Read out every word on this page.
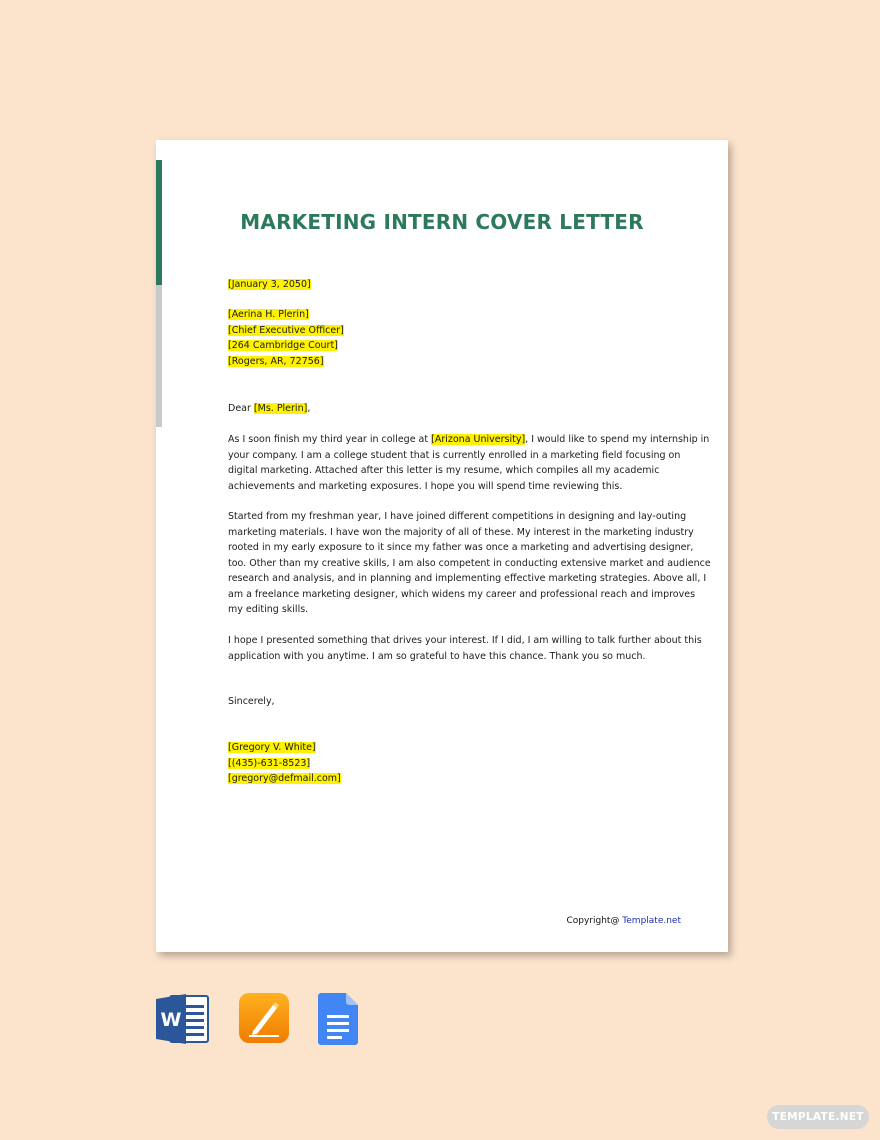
MARKETING INTERN COVER LETTER
[January 3, 2050]
[Aerina H. Plerin]
[Chief Executive Officer]
[264 Cambridge Court]
[Rogers, AR, 72756]
Dear [Ms. Plerin],
As I soon finish my third year in college at [Arizona University], I would like to spend my internship in
your company. I am a college student that is currently enrolled in a marketing field focusing on
digital marketing. Attached after this letter is my resume, which compiles all my academic
achievements and marketing exposures. I hope you will spend time reviewing this.
Started from my freshman year, I have joined different competitions in designing and lay-outing
marketing materials. I have won the majority of all of these. My interest in the marketing industry
rooted in my early exposure to it since my father was once a marketing and advertising designer,
too. Other than my creative skills, I am also competent in conducting extensive market and audience
research and analysis, and in planning and implementing effective marketing strategies. Above all, I
am a freelance marketing designer, which widens my career and professional reach and improves
my editing skills.
I hope I presented something that drives your interest. If I did, I am willing to talk further about this
application with you anytime. I am so grateful to have this chance. Thank you so much.
Sincerely,
[Gregory V. White]
[(435)-631-8523]
[gregory@defmail.com]
Copyright@ Template.net
W
TEMPLATE.NET
